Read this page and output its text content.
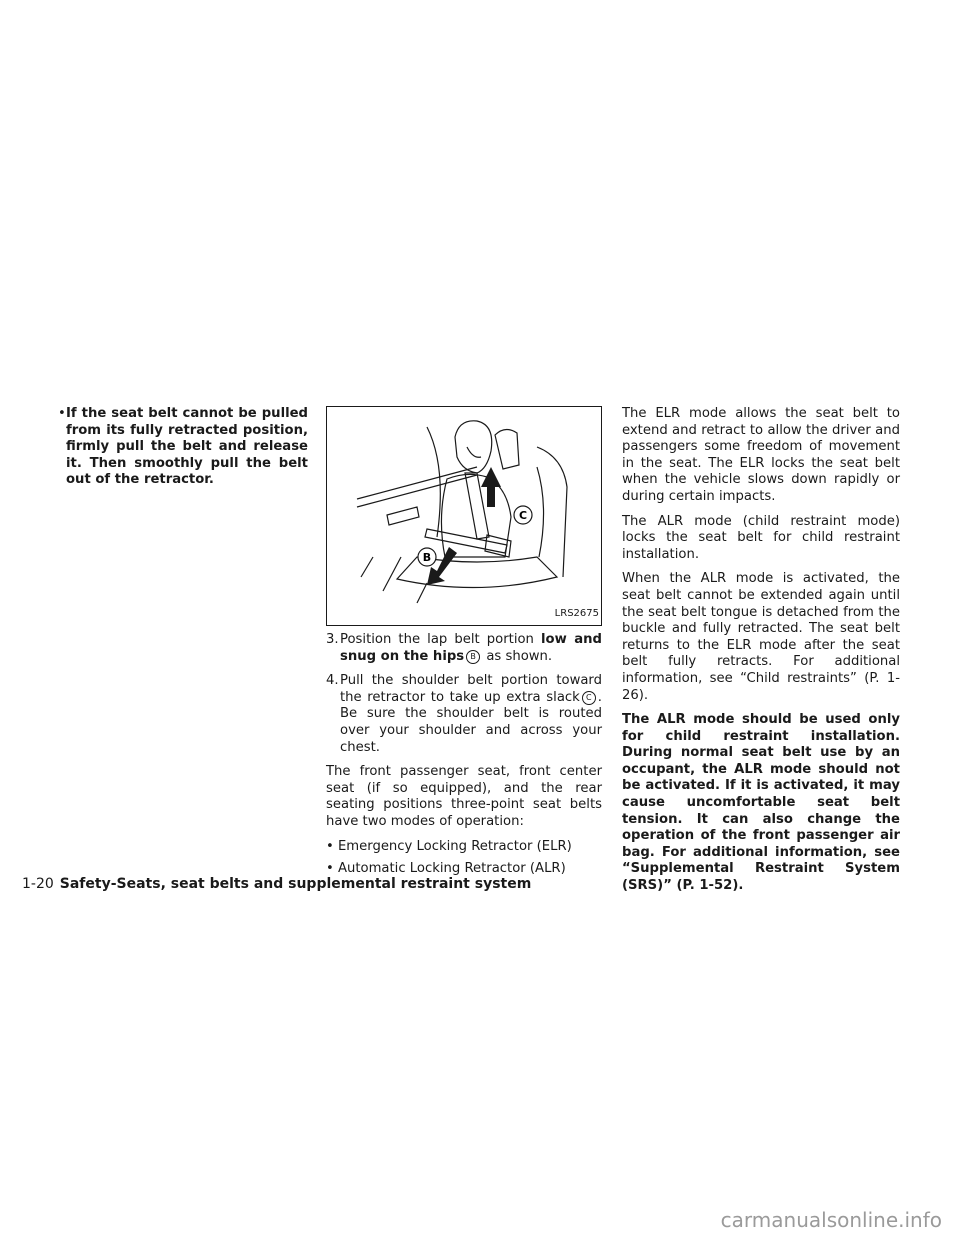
• If the seat belt cannot be pulled from its fully retracted position, firmly pull the belt and release it. Then smoothly pull the belt out of the retractor.
C
B
LRS2675
3. Position the lap belt portion low and snug on the hips B as shown.
4. Pull the shoulder belt portion toward the retractor to take up extra slack C . Be sure the shoulder belt is routed over your shoulder and across your chest.

The front passenger seat, front center seat (if so equipped), and the rear seating positions three-point seat belts have two modes of operation:

• Emergency Locking Retractor (ELR)
• Automatic Locking Retractor (ALR)

The ELR mode allows the seat belt to extend and retract to allow the driver and passengers some freedom of movement in the seat. The ELR locks the seat belt when the vehicle slows down rapidly or during certain impacts.

The ALR mode (child restraint mode) locks the seat belt for child restraint installation.

When the ALR mode is activated, the seat belt cannot be extended again until the seat belt tongue is detached from the buckle and fully retracted. The seat belt returns to the ELR mode after the seat belt fully retracts. For additional information, see “Child restraints” (P. 1-26).

The ALR mode should be used only for child restraint installation. During normal seat belt use by an occupant, the ALR mode should not be activated. If it is activated, it may cause uncomfortable seat belt tension. It can also change the operation of the front passenger air bag. For additional information, see “Supplemental Restraint System (SRS)” (P. 1-52).

1-20 Safety-Seats, seat belts and supplemental restraint system
carmanualsonline.info
